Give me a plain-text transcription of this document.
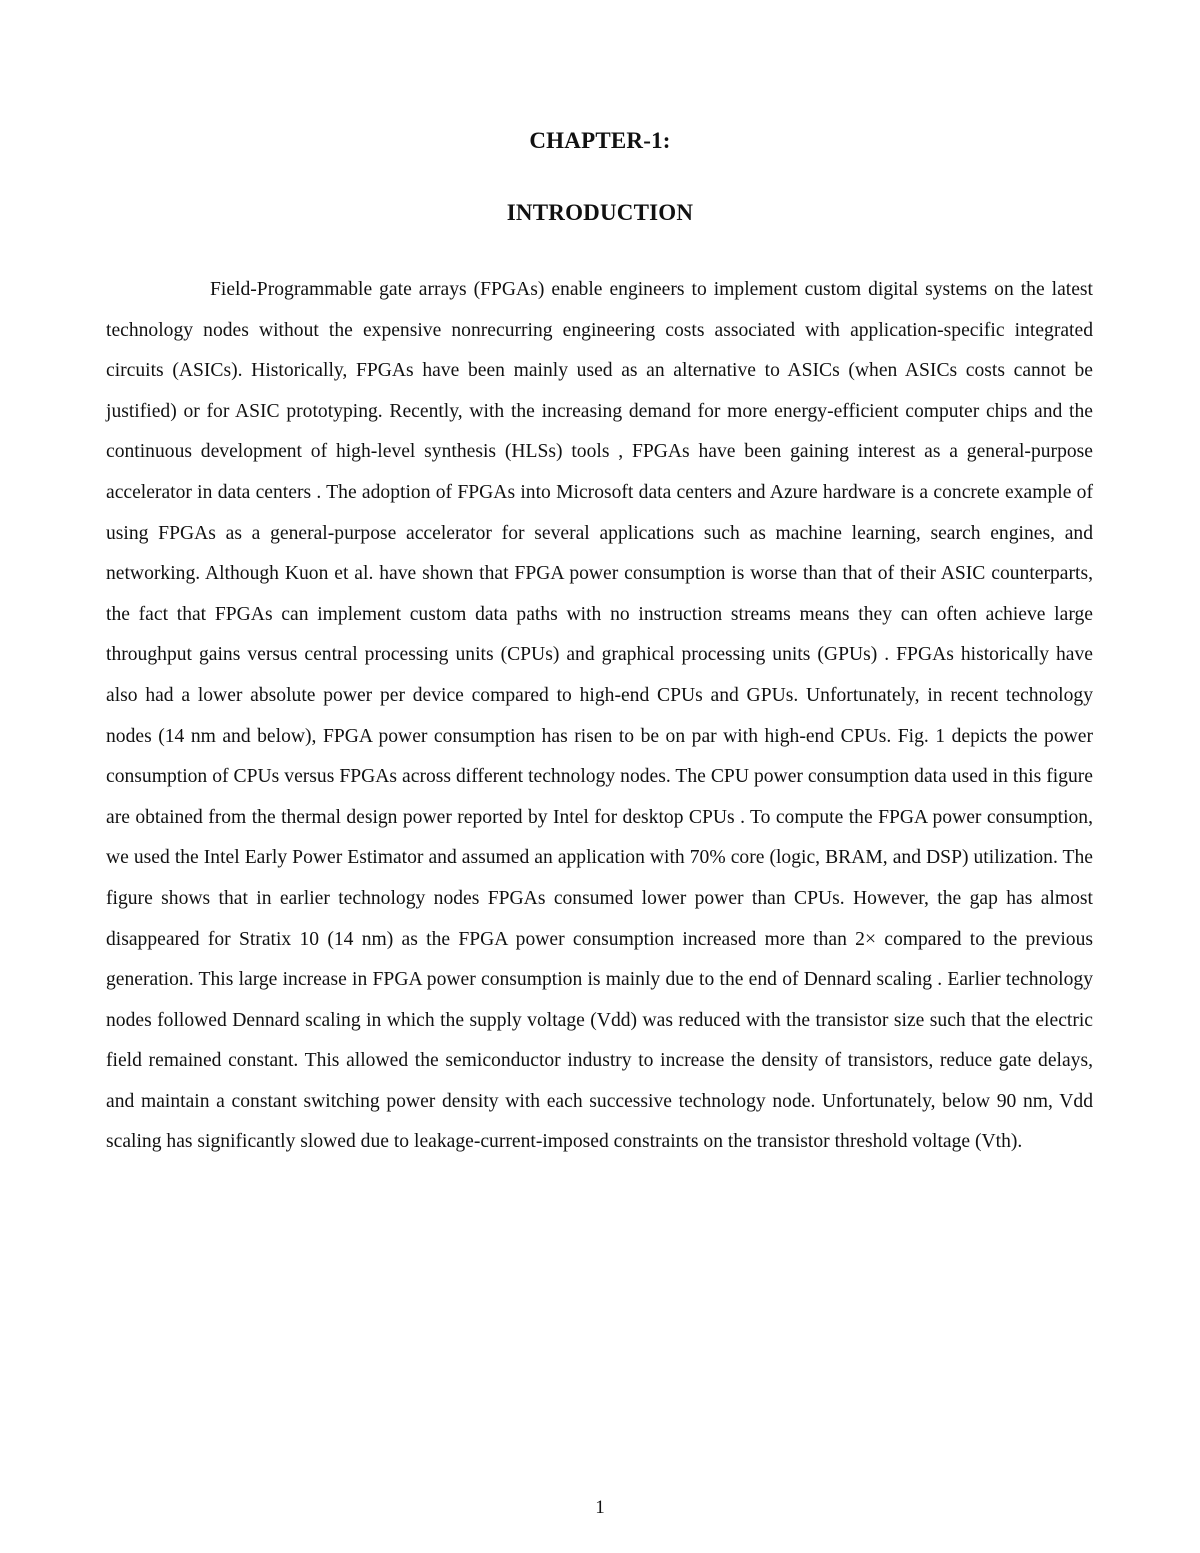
CHAPTER-1:
INTRODUCTION

Field-Programmable gate arrays (FPGAs) enable engineers to implement custom digital systems on the latest technology nodes without the expensive nonrecurring engineering costs associated with application-specific integrated circuits (ASICs). Historically, FPGAs have been mainly used as an alternative to ASICs (when ASICs costs cannot be justified) or for ASIC prototyping. Recently, with the increasing demand for more energy-efficient computer chips and the continuous development of high-level synthesis (HLSs) tools , FPGAs have been gaining interest as a general-purpose accelerator in data centers . The adoption of FPGAs into Microsoft data centers and Azure hardware is a concrete example of using FPGAs as a general-purpose accelerator for several applications such as machine learning, search engines, and networking. Although Kuon et al. have shown that FPGA power consumption is worse than that of their ASIC counterparts, the fact that FPGAs can implement custom data paths with no instruction streams means they can often achieve large throughput gains versus central processing units (CPUs) and graphical processing units (GPUs) . FPGAs historically have also had a lower absolute power per device compared to high-end CPUs and GPUs. Unfortunately, in recent technology nodes (14 nm and below), FPGA power consumption has risen to be on par with high-end CPUs. Fig. 1 depicts the power consumption of CPUs versus FPGAs across different technology nodes. The CPU power consumption data used in this figure are obtained from the thermal design power reported by Intel for desktop CPUs . To compute the FPGA power consumption, we used the Intel Early Power Estimator and assumed an application with 70% core (logic, BRAM, and DSP) utilization. The figure shows that in earlier technology nodes FPGAs consumed lower power than CPUs. However, the gap has almost disappeared for Stratix 10 (14 nm) as the FPGA power consumption increased more than 2× compared to the previous generation. This large increase in FPGA power consumption is mainly due to the end of Dennard scaling . Earlier technology nodes followed Dennard scaling in which the supply voltage (Vdd) was reduced with the transistor size such that the electric field remained constant. This allowed the semiconductor industry to increase the density of transistors, reduce gate delays, and maintain a constant switching power density with each successive technology node. Unfortunately, below 90 nm, Vdd scaling has significantly slowed due to leakage-current-imposed constraints on the transistor threshold voltage (Vth).

1
